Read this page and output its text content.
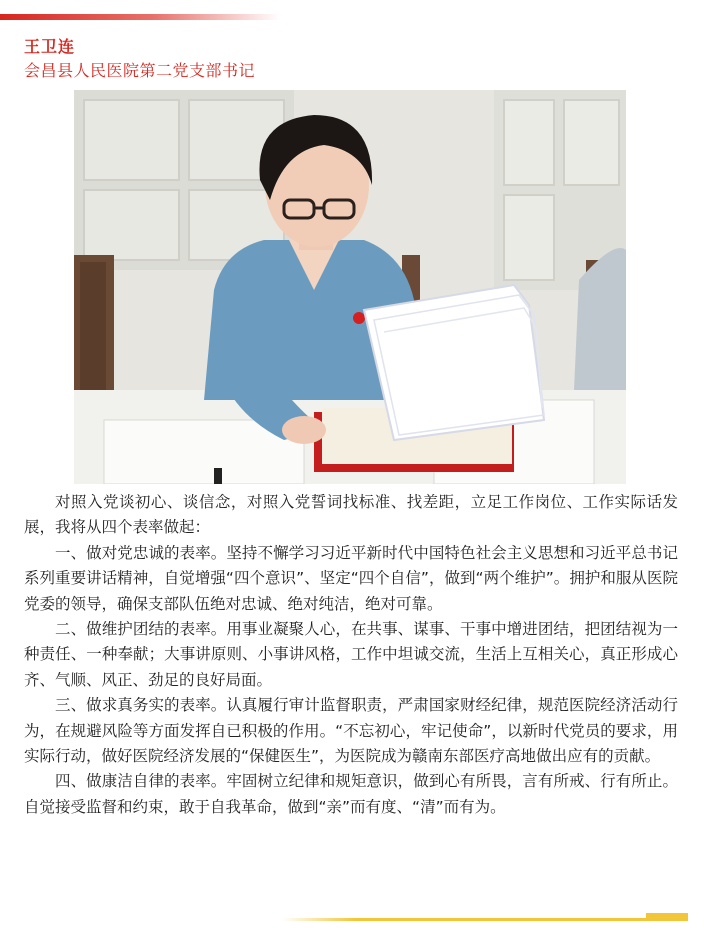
王卫连
会昌县人民医院第二党支部书记

对照入党谈初心、谈信念，对照入党誓词找标准、找差距，立足工作岗位、工作实际话发展，我将从四个表率做起：

一、做对党忠诚的表率。坚持不懈学习习近平新时代中国特色社会主义思想和习近平总书记系列重要讲话精神，自觉增强“四个意识”、坚定“四个自信”，做到“两个维护”。拥护和服从医院党委的领导，确保支部队伍绝对忠诚、绝对纯洁，绝对可靠。

二、做维护团结的表率。用事业凝聚人心，在共事、谋事、干事中增进团结，把团结视为一种责任、一种奉献；大事讲原则、小事讲风格，工作中坦诚交流，生活上互相关心，真正形成心齐、气顺、风正、劲足的良好局面。

三、做求真务实的表率。认真履行审计监督职责，严肃国家财经纪律，规范医院经济活动行为，在规避风险等方面发挥自已积极的作用。“不忘初心，牢记使命”，以新时代党员的要求，用实际行动，做好医院经济发展的“保健医生”，为医院成为赣南东部医疗高地做出应有的贡献。

四、做康洁自律的表率。牢固树立纪律和规矩意识，做到心有所畏，言有所戒、行有所止。自觉接受监督和约束，敢于自我革命，做到“亲”而有度、“清”而有为。
